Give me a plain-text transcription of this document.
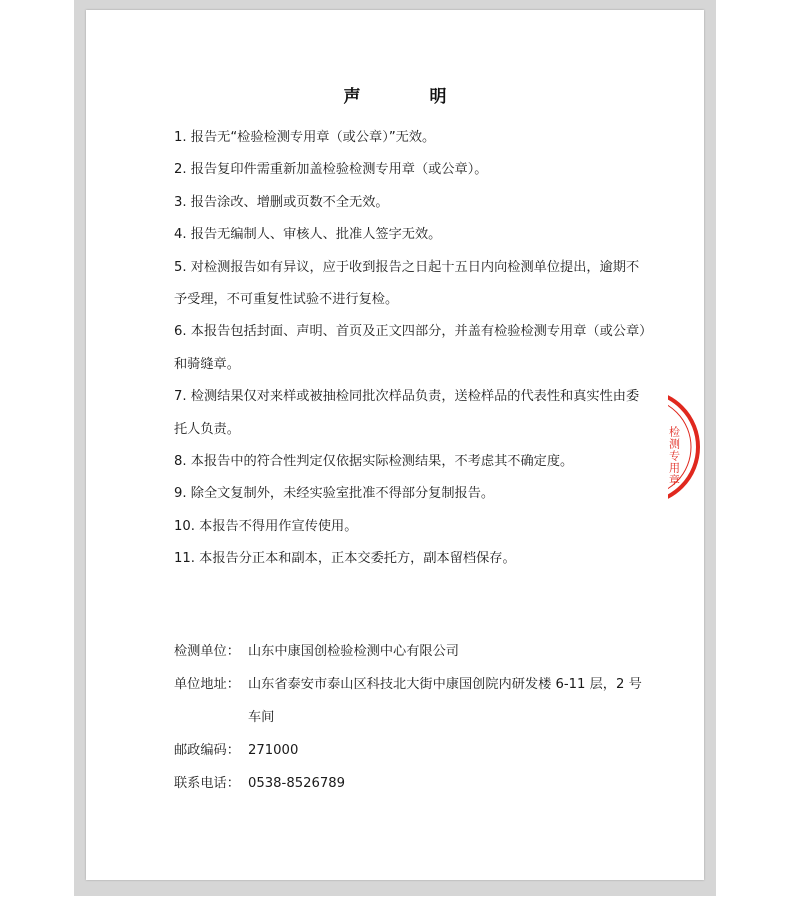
声　明

1. 报告无“检验检测专用章（或公章）”无效。

2. 报告复印件需重新加盖检验检测专用章（或公章）。

3. 报告涂改、增删或页数不全无效。

4. 报告无编制人、审核人、批准人签字无效。

5. 对检测报告如有异议，应于收到报告之日起十五日内向检测单位提出，逾期不予受理，不可重复性试验不进行复检。

6. 本报告包括封面、声明、首页及正文四部分，并盖有检验检测专用章（或公章）和骑缝章。

7. 检测结果仅对来样或被抽检同批次样品负责，送检样品的代表性和真实性由委托人负责。

8. 本报告中的符合性判定仅依据实际检测结果，不考虑其不确定度。

9. 除全文复制外，未经实验室批准不得部分复制报告。

10. 本报告不得用作宣传使用。

11. 本报告分正本和副本，正本交委托方，副本留档保存。

检测单位： 山东中康国创检验检测中心有限公司
单位地址： 山东省泰安市泰山区科技北大街中康国创院内研发楼 6-11 层，2 号车间
邮政编码： 271000
联系电话： 0538-8526789
检测专用章
